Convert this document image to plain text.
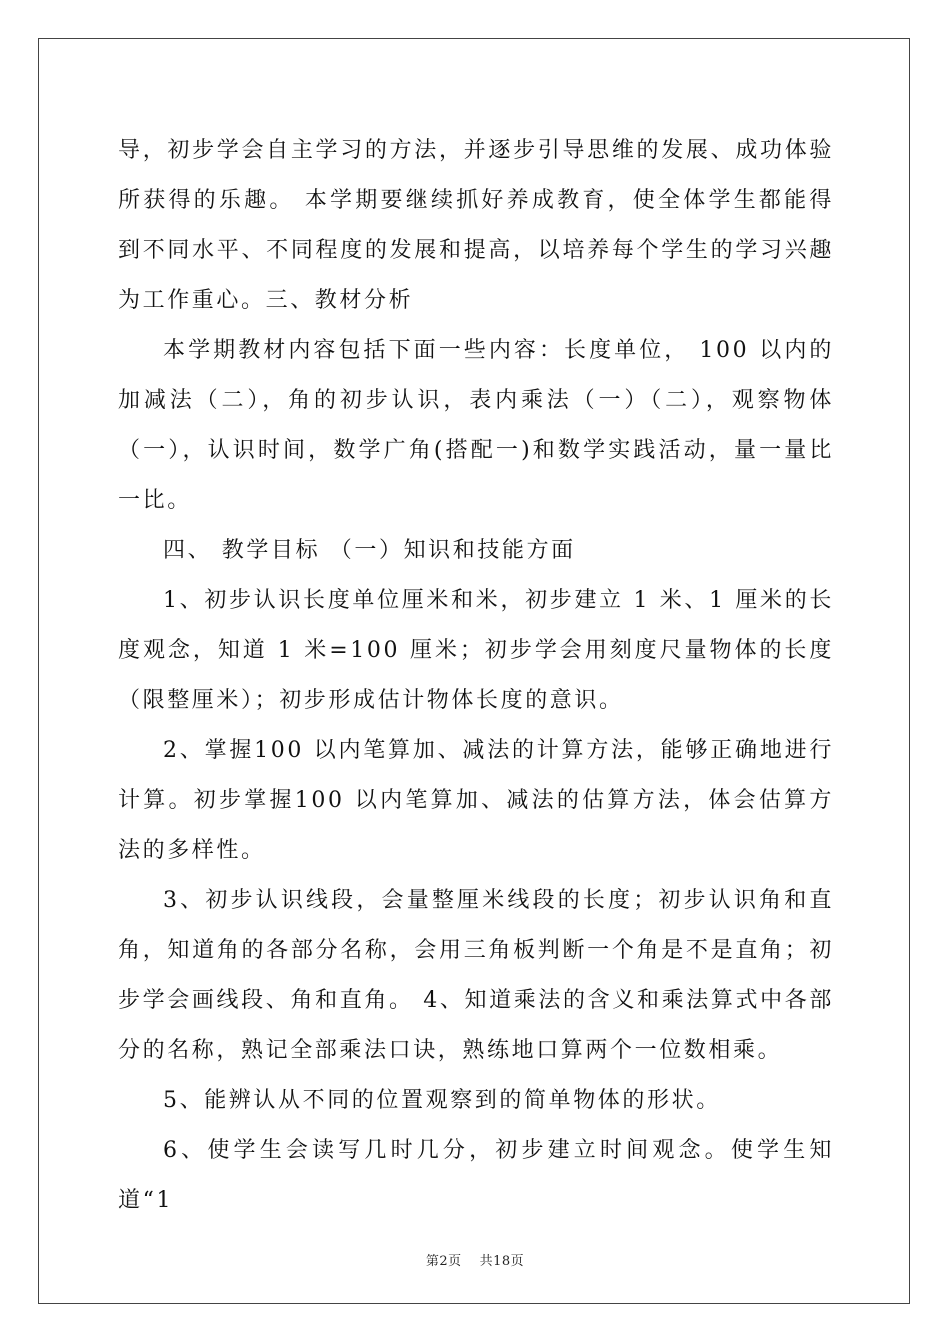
导，初步学会自主学习的方法，并逐步引导思维的发展、成功体验所获得的乐趣。 本学期要继续抓好养成教育，使全体学生都能得到不同水平、不同程度的发展和提高，以培养每个学生的学习兴趣为工作重心。三、教材分析

本学期教材内容包括下面一些内容：长度单位， 100 以内的加减法（二），角的初步认识，表内乘法（一）（二），观察物体（一），认识时间，数学广角(搭配一)和数学实践活动，量一量比一比。

四、 教学目标 （一）知识和技能方面

1、初步认识长度单位厘米和米，初步建立 1 米、1 厘米的长度观念，知道 1 米=100 厘米；初步学会用刻度尺量物体的长度（限整厘米）；初步形成估计物体长度的意识。

2、掌握100 以内笔算加、减法的计算方法，能够正确地进行计算。初步掌握100 以内笔算加、减法的估算方法，体会估算方法的多样性。

3、初步认识线段，会量整厘米线段的长度；初步认识角和直角，知道角的各部分名称，会用三角板判断一个角是不是直角；初步学会画线段、角和直角。 4、知道乘法的含义和乘法算式中各部分的名称，熟记全部乘法口诀，熟练地口算两个一位数相乘。

5、能辨认从不同的位置观察到的简单物体的形状。

6、使学生会读写几时几分，初步建立时间观念。使学生知道“1

第2页 共18页
